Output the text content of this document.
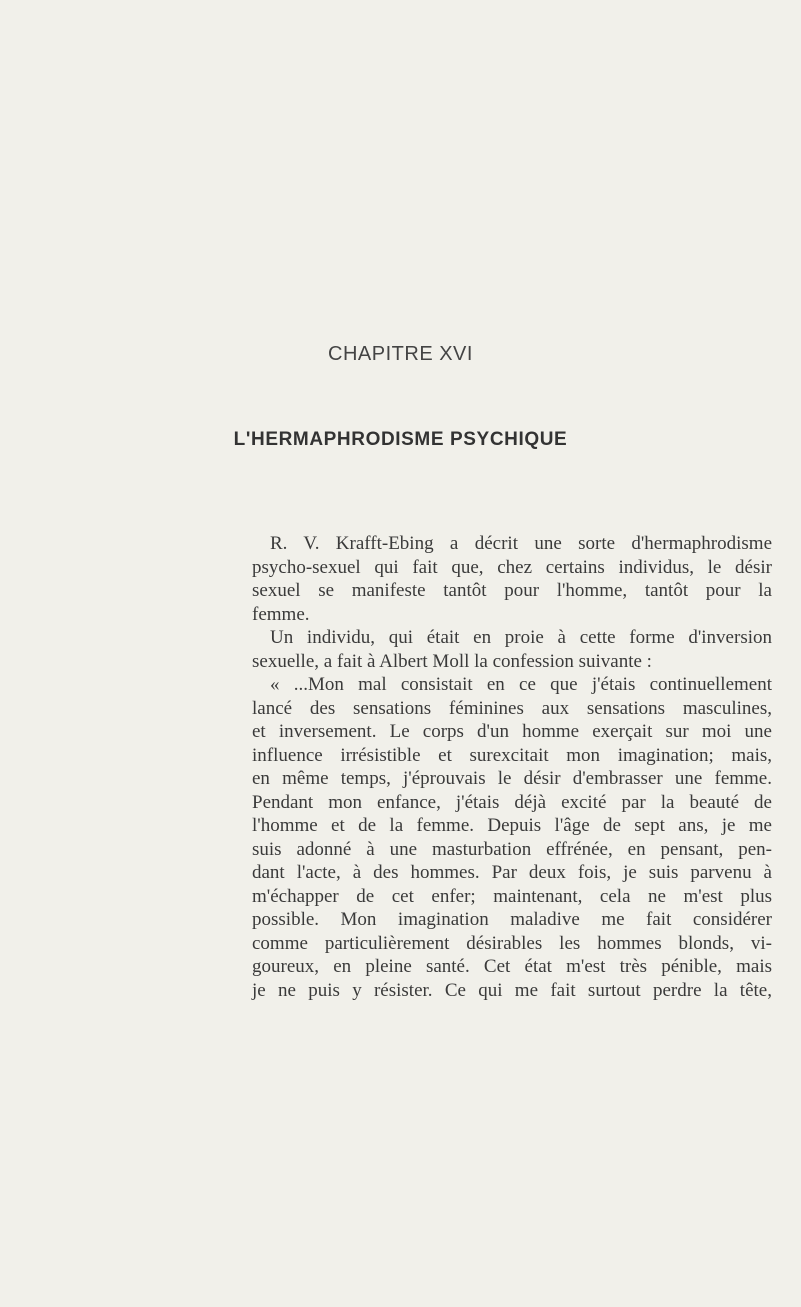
CHAPITRE XVI
L'HERMAPHRODISME PSYCHIQUE
R. V. Krafft-Ebing a décrit une sorte d'hermaphrodisme
psycho-sexuel qui fait que, chez certains individus, le désir
sexuel se manifeste tantôt pour l'homme, tantôt pour la
femme.
Un individu, qui était en proie à cette forme d'inversion
sexuelle, a fait à Albert Moll la confession suivante :
« ...Mon mal consistait en ce que j'étais continuellement
lancé des sensations féminines aux sensations masculines,
et inversement. Le corps d'un homme exerçait sur moi une
influence irrésistible et surexcitait mon imagination; mais,
en même temps, j'éprouvais le désir d'embrasser une femme.
Pendant mon enfance, j'étais déjà excité par la beauté de
l'homme et de la femme. Depuis l'âge de sept ans, je me
suis adonné à une masturbation effrénée, en pensant, pen-
dant l'acte, à des hommes. Par deux fois, je suis parvenu à
m'échapper de cet enfer; maintenant, cela ne m'est plus
possible. Mon imagination maladive me fait considérer
comme particulièrement désirables les hommes blonds, vi-
goureux, en pleine santé. Cet état m'est très pénible, mais
je ne puis y résister. Ce qui me fait surtout perdre la tête,
